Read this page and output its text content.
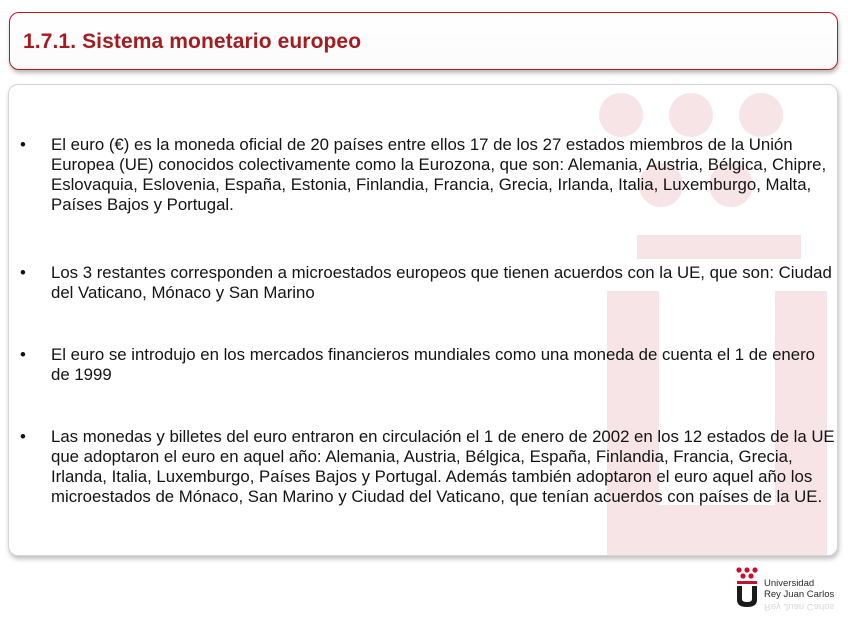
1.7.1. Sistema monetario europeo
• El euro (€) es la moneda oficial de 20 países entre ellos 17 de los 27 estados miembros de la Unión Europea (UE) conocidos colectivamente como la Eurozona, que son: Alemania, Austria, Bélgica, Chipre, Eslovaquia, Eslovenia, España, Estonia, Finlandia, Francia, Grecia, Irlanda, Italia, Luxemburgo, Malta, Países Bajos y Portugal.
• Los 3 restantes corresponden a microestados europeos que tienen acuerdos con la UE, que son: Ciudad del Vaticano, Mónaco y San Marino
• El euro se introdujo en los mercados financieros mundiales como una moneda de cuenta el 1 de enero de 1999
• Las monedas y billetes del euro entraron en circulación el 1 de enero de 2002 en los 12 estados de la UE que adoptaron el euro en aquel año: Alemania, Austria, Bélgica, España, Finlandia, Francia, Grecia, Irlanda, Italia, Luxemburgo, Países Bajos y Portugal. Además también adoptaron el euro aquel año los microestados de Mónaco, San Marino y Ciudad del Vaticano, que tenían acuerdos con países de la UE.
Universidad
Rey Juan Carlos
Rey Juan Carlos
